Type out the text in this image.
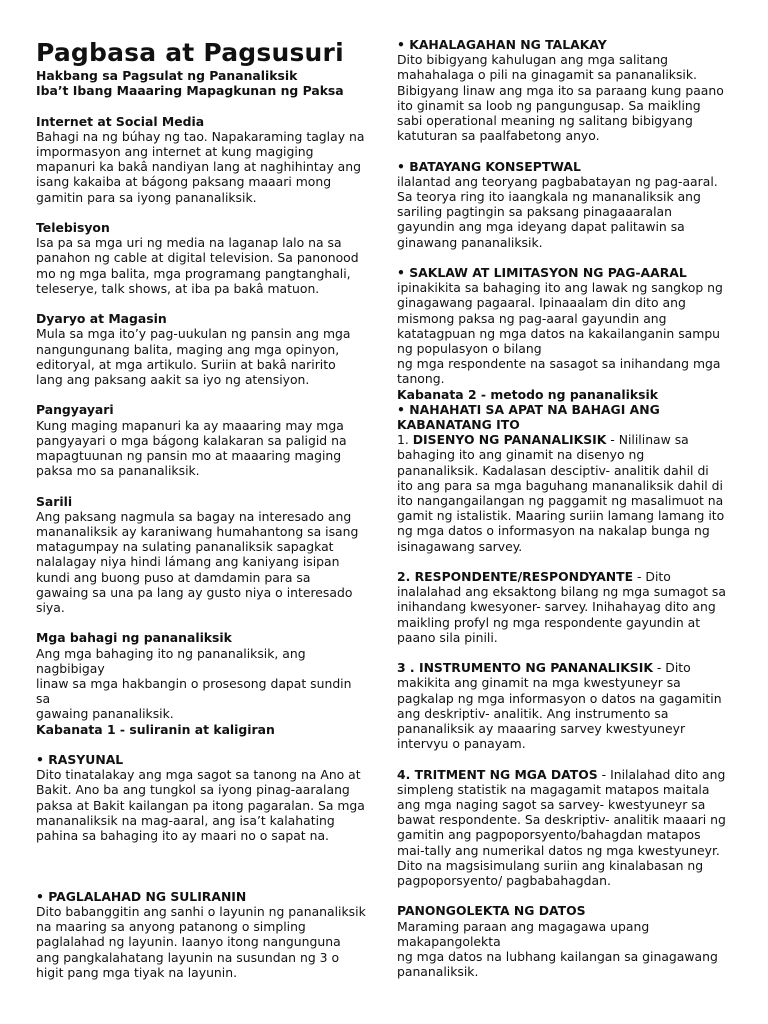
Pagbasa at Pagsusuri

Hakbang sa Pagsulat ng Pananaliksik

Iba’t Ibang Maaaring Mapagkunan ng Paksa

Internet at Social Media

Bahagi na ng búhay ng tao. Napakaraming taglay na

impormasyon ang internet at kung magiging

mapanuri ka bakâ nandiyan lang at naghihintay ang

isang kakaiba at bágong paksang maaari mong

gamitin para sa iyong pananaliksik.

Telebisyon

Isa pa sa mga uri ng media na laganap lalo na sa

panahon ng cable at digital television. Sa panonood

mo ng mga balita, mga programang pangtanghali,

teleserye, talk shows, at iba pa bakâ matuon.

Dyaryo at Magasin

Mula sa mga ito’y pag-uukulan ng pansin ang mga

nangungunang balita, maging ang mga opinyon,

editoryal, at mga artikulo. Suriin at bakâ naririto

lang ang paksang aakit sa iyo ng atensiyon.

Pangyayari

Kung maging mapanuri ka ay maaaring may mga

pangyayari o mga bágong kalakaran sa paligid na

mapagtuunan ng pansin mo at maaaring maging

paksa mo sa pananaliksik.

Sarili

Ang paksang nagmula sa bagay na interesado ang

mananaliksik ay karaniwang humahantong sa isang

matagumpay na sulating pananaliksik sapagkat

nalalagay niya hindi lámang ang kaniyang isipan

kundi ang buong puso at damdamin para sa

gawaing sa una pa lang ay gusto niya o interesado

siya.

Mga bahagi ng pananaliksik

Ang mga bahaging ito ng pananaliksik, ang

nagbibigay

linaw sa mga hakbangin o prosesong dapat sundin

sa

gawaing pananaliksik.

Kabanata 1 - suliranin at kaligiran

• RASYUNAL

Dito tinatalakay ang mga sagot sa tanong na Ano at

Bakit. Ano ba ang tungkol sa iyong pinag-aaralang

paksa at Bakit kailangan pa itong pagaralan. Sa mga

mananaliksik na mag-aaral, ang isa’t kalahating

pahina sa bahaging ito ay maari no o sapat na.

• PAGLALAHAD NG SULIRANIN

Dito babanggitin ang sanhi o layunin ng pananaliksik

na maaring sa anyong patanong o simpling

paglalahad ng layunin. Iaanyo itong nangunguna

ang pangkalahatang layunin na susundan ng 3 o

higit pang mga tiyak na layunin.

• KAHALAGAHAN NG TALAKAY

Dito bibigyang kahulugan ang mga salitang

mahahalaga o pili na ginagamit sa pananaliksik.

Bibigyang linaw ang mga ito sa paraang kung paano

ito ginamit sa loob ng pangungusap. Sa maikling

sabi operational meaning ng salitang bibigyang

katuturan sa paalfabetong anyo.

• BATAYANG KONSEPTWAL

ilalantad ang teoryang pagbabatayan ng pag-aaral.

Sa teorya ring ito iaangkala ng mananaliksik ang

sariling pagtingin sa paksang pinagaaaralan

gayundin ang mga ideyang dapat palitawin sa

ginawang pananaliksik.

• SAKLAW AT LIMITASYON NG PAG-AARAL

ipinakikita sa bahaging ito ang lawak ng sangkop ng

ginagawang pagaaral. Ipinaaalam din dito ang

mismong paksa ng pag-aaral gayundin ang

katatagpuan ng mga datos na kakailanganin sampu

ng populasyon o bilang

ng mga respondente na sasagot sa inihandang mga

tanong.

Kabanata 2 - metodo ng pananaliksik

• NAHAHATI SA APAT NA BAHAGI ANG

KABANATANG ITO

1. DISENYO NG PANANALIKSIK - Nililinaw sa

bahaging ito ang ginamit na disenyo ng

pananaliksik. Kadalasan desciptiv- analitik dahil di

ito ang para sa mga baguhang mananaliksik dahil di

ito nangangailangan ng paggamit ng masalimuot na

gamit ng istalistik. Maaring suriin lamang lamang ito

ng mga datos o informasyon na nakalap bunga ng

isinagawang sarvey.

2. RESPONDENTE/RESPONDYANTE - Dito

inalalahad ang eksaktong bilang ng mga sumagot sa

inihandang kwesyoner- sarvey. Inihahayag dito ang

maikling profyl ng mga respondente gayundin at

paano sila pinili.

3 . INSTRUMENTO NG PANANALIKSIK - Dito

makikita ang ginamit na mga kwestyuneyr sa

pagkalap ng mga informasyon o datos na gagamitin

ang deskriptiv- analitik. Ang instrumento sa

pananaliksik ay maaaring sarvey kwestyuneyr

intervyu o panayam.

4. TRITMENT NG MGA DATOS - Inilalahad dito ang

simpleng statistik na magagamit matapos maitala

ang mga naging sagot sa sarvey- kwestyuneyr sa

bawat respondente. Sa deskriptiv- analitik maaari ng

gamitin ang pagpoporsyento/bahagdan matapos

mai-tally ang numerikal datos ng mga kwestyuneyr.

Dito na magsisimulang suriin ang kinalabasan ng

pagpoporsyento/ pagbabahagdan.

PANONGOLEKTA NG DATOS

Maraming paraan ang magagawa upang

makapangolekta

ng mga datos na lubhang kailangan sa ginagawang

pananaliksik.
